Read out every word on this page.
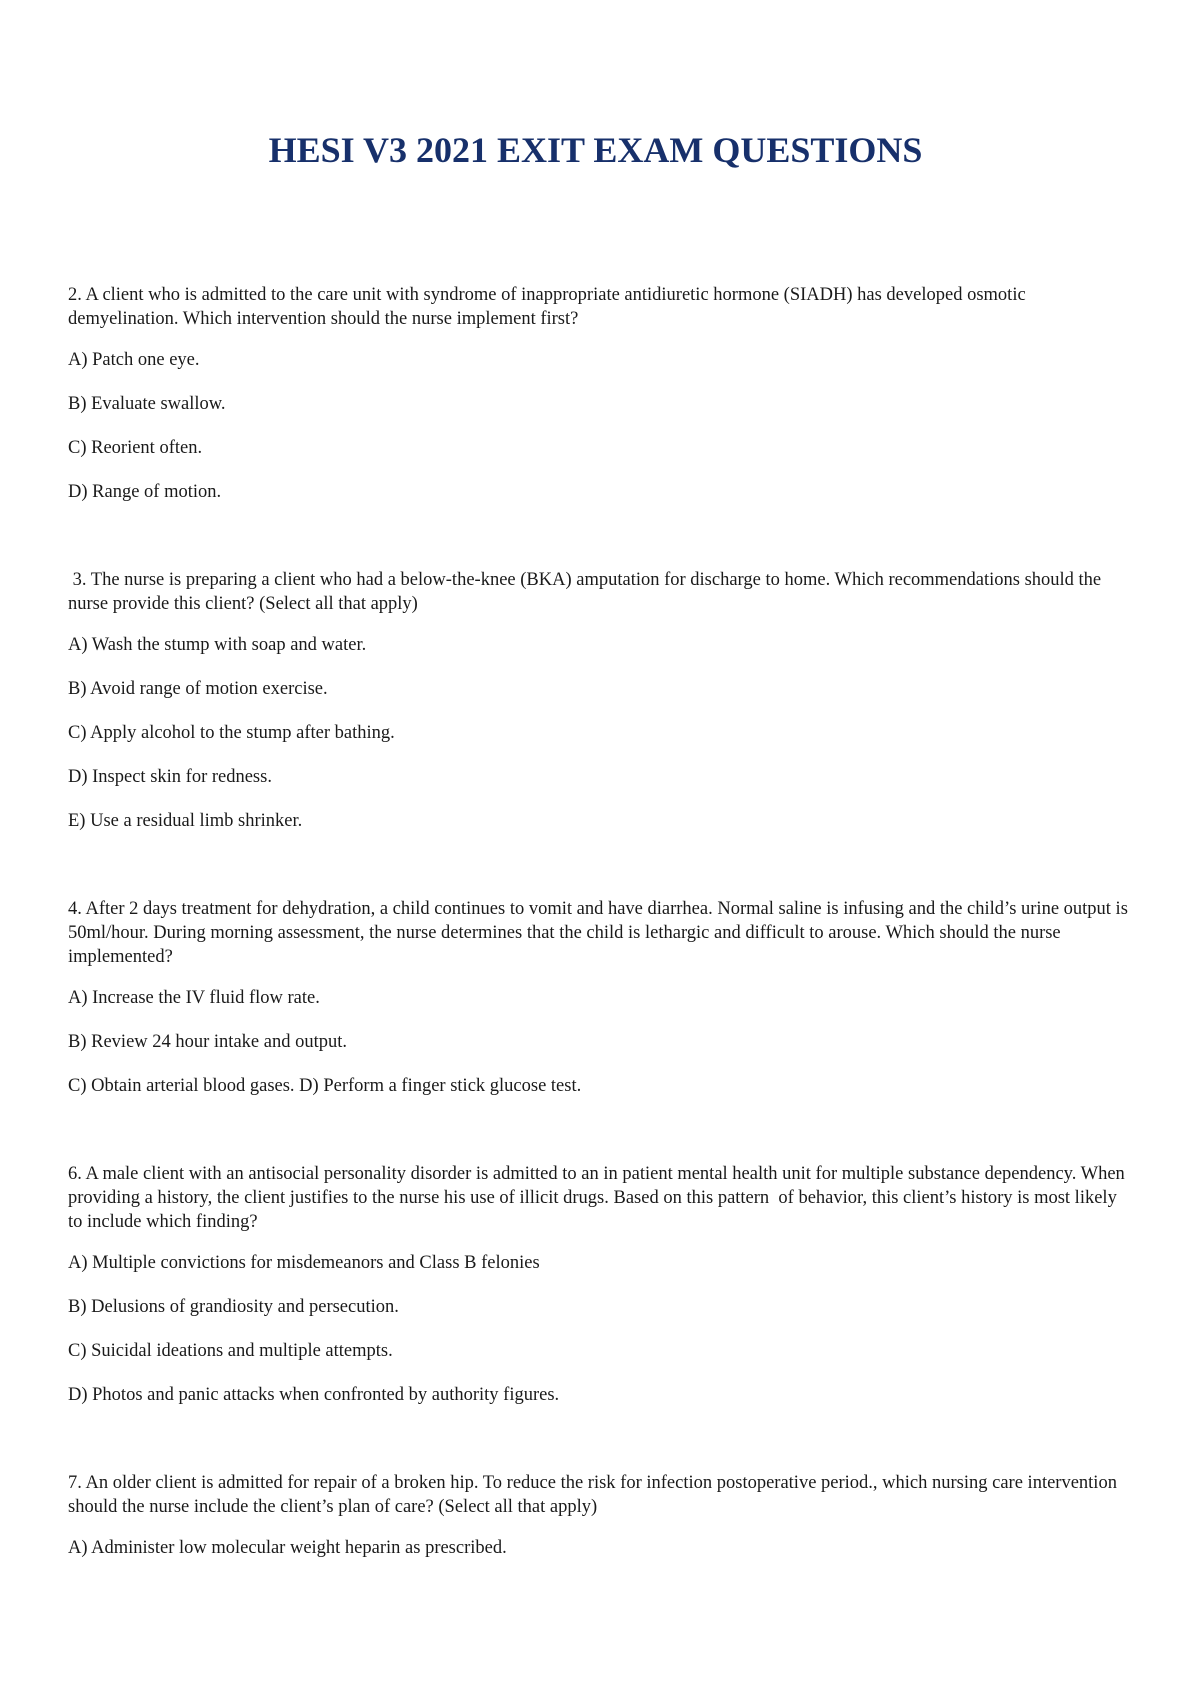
HESI V3 2021 EXIT EXAM QUESTIONS

2. A client who is admitted to the care unit with syndrome of inappropriate antidiuretic hormone (SIADH) has developed osmotic demyelination. Which intervention should the nurse implement first?

A) Patch one eye.

B) Evaluate swallow.

C) Reorient often.

D) Range of motion.

3. The nurse is preparing a client who had a below-the-knee (BKA) amputation for discharge to home. Which recommendations should the nurse provide this client? (Select all that apply)

A) Wash the stump with soap and water.

B) Avoid range of motion exercise.

C) Apply alcohol to the stump after bathing.

D) Inspect skin for redness.

E) Use a residual limb shrinker.

4. After 2 days treatment for dehydration, a child continues to vomit and have diarrhea. Normal saline is infusing and the child’s urine output is 50ml/hour. During morning assessment, the nurse determines that the child is lethargic and difficult to arouse. Which should the nurse implemented?

A) Increase the IV fluid flow rate.

B) Review 24 hour intake and output.

C) Obtain arterial blood gases. D) Perform a finger stick glucose test.

6. A male client with an antisocial personality disorder is admitted to an in patient mental health unit for multiple substance dependency. When providing a history, the client justifies to the nurse his use of illicit drugs. Based on this pattern  of behavior, this client’s history is most likely to include which finding?

A) Multiple convictions for misdemeanors and Class B felonies

B) Delusions of grandiosity and persecution.

C) Suicidal ideations and multiple attempts.

D) Photos and panic attacks when confronted by authority figures.

7. An older client is admitted for repair of a broken hip. To reduce the risk for infection postoperative period., which nursing care intervention should the nurse include the client’s plan of care? (Select all that apply)

A) Administer low molecular weight heparin as prescribed.
